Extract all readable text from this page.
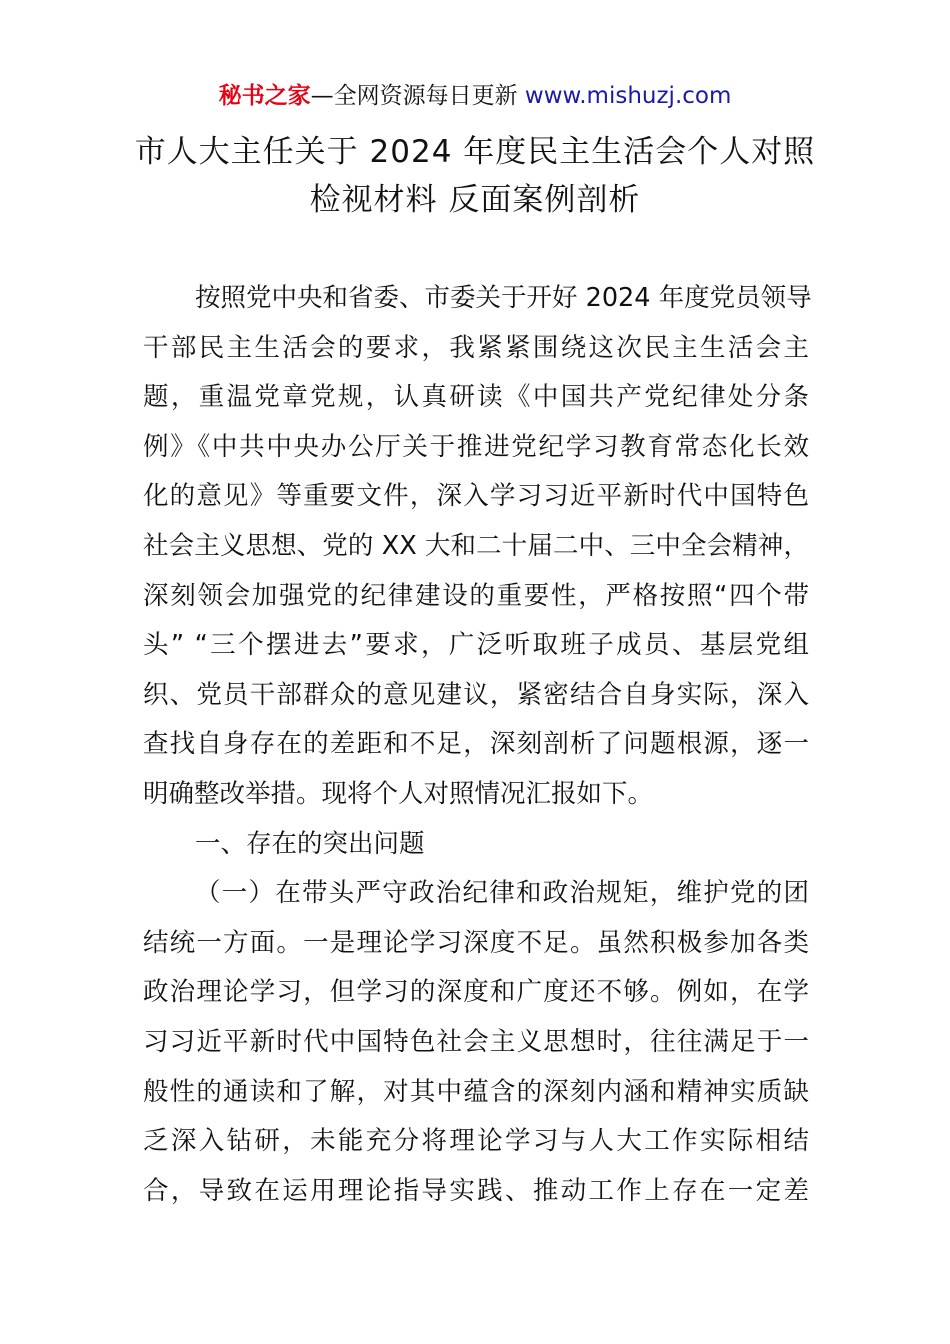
秘书之家—全网资源每日更新 www.mishuzj.com
市人大主任关于 2024 年度民主生活会个人对照
检视材料 反面案例剖析
按照党中央和省委、市委关于开好 2024 年度党员领导
干部民主生活会的要求，我紧紧围绕这次民主生活会主
题，重温党章党规，认真研读《中国共产党纪律处分条
例》《中共中央办公厅关于推进党纪学习教育常态化长效
化的意见》等重要文件，深入学习习近平新时代中国特色
社会主义思想、党的 XX 大和二十届二中、三中全会精神，
深刻领会加强党的纪律建设的重要性，严格按照“四个带
头” “三个摆进去”要求，广泛听取班子成员、基层党组
织、党员干部群众的意见建议，紧密结合自身实际，深入
查找自身存在的差距和不足，深刻剖析了问题根源，逐一
明确整改举措。现将个人对照情况汇报如下。
一、存在的突出问题
（一）在带头严守政治纪律和政治规矩，维护党的团
结统一方面。一是理论学习深度不足。虽然积极参加各类
政治理论学习，但学习的深度和广度还不够。例如，在学
习习近平新时代中国特色社会主义思想时，往往满足于一
般性的通读和了解，对其中蕴含的深刻内涵和精神实质缺
乏深入钻研，未能充分将理论学习与人大工作实际相结
合，导致在运用理论指导实践、推动工作上存在一定差
